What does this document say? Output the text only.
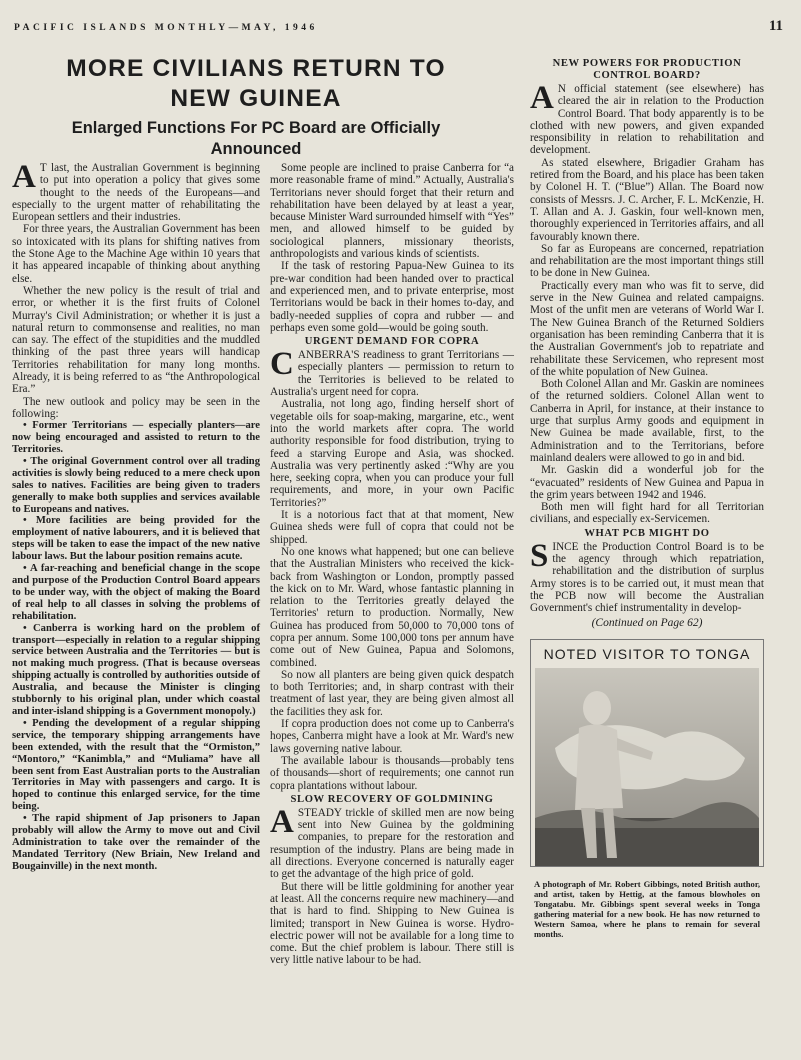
PACIFIC ISLANDS MONTHLY—MAY, 1946	11
MORE CIVILIANS RETURN TO
NEW GUINEA
Enlarged Functions For PC Board are Officially
Announced

A T last, the Australian Government is beginning to put into operation a policy that gives some thought to the needs of the Europeans—and especially to the urgent matter of rehabilitating the European settlers and their industries.

For three years, the Australian Government has been so intoxicated with its plans for shifting natives from the Stone Age to the Machine Age within 10 years that it has appeared incapable of thinking about anything else.

Whether the new policy is the result of trial and error, or whether it is the first fruits of Colonel Murray's Civil Administration; or whether it is just a natural return to commonsense and realities, no man can say. The effect of the stupidities and the muddled thinking of the past three years will handicap Territories rehabilitation for many long months. Already, it is being referred to as “the Anthropological Era.”

The new outlook and policy may be seen in the following:

• Former Territorians — especially planters—are now being encouraged and assisted to return to the Territories.

• The original Government control over all trading activities is slowly being reduced to a mere check upon sales to natives. Facilities are being given to traders generally to make both supplies and services available to Europeans and natives.

• More facilities are being provided for the employment of native labourers, and it is believed that steps will be taken to ease the impact of the new native labour laws. But the labour position remains acute.

• A far-reaching and beneficial change in the scope and purpose of the Production Control Board appears to be under way, with the object of making the Board of real help to all classes in solving the problems of rehabilitation.

• Canberra is working hard on the problem of transport—especially in relation to a regular shipping service between Australia and the Territories — but is not making much progress. (That is because overseas shipping actually is controlled by authorities outside of Australia, and because the Minister is clinging stubbornly to his original plan, under which coastal and inter-island shipping is a Government monopoly.)

• Pending the development of a regular shipping service, the temporary shipping arrangements have been extended, with the result that the “Ormiston,” “Montoro,” “Kanimbla,” and “Muliama” have all been sent from East Australian ports to the Australian Territories in May with passengers and cargo. It is hoped to continue this enlarged service, for the time being.

• The rapid shipment of Jap prisoners to Japan probably will allow the Army to move out and Civil Administration to take over the remainder of the Mandated Territory (New Briain, New Ireland and Bougainville) in the next month.

Some people are inclined to praise Canberra for “a more reasonable frame of mind.” Actually, Australia's Territorians never should forget that their return and rehabilitation have been delayed by at least a year, because Minister Ward surrounded himself with “Yes” men, and allowed himself to be guided by sociological planners, missionary theorists, anthropologists and various kinds of scientists.

If the task of restoring Papua-New Guinea to its pre-war condition had been handed over to practical and experienced men, and to private enterprise, most Territorians would be back in their homes to-day, and badly-needed supplies of copra and rubber — and perhaps even some gold—would be going south.

URGENT DEMAND FOR COPRA

CANBERRA'S readiness to grant Territorians — especially planters — permission to return to the Territories is believed to be related to Australia's urgent need for copra.

Australia, not long ago, finding herself short of vegetable oils for soap-making, margarine, etc., went into the world markets after copra. The world authority responsible for food distribution, trying to feed a starving Europe and Asia, was shocked. Australia was very pertinently asked :“Why are you here, seeking copra, when you can produce your full requirements, and more, in your own Pacific Territories?”

It is a notorious fact that at that moment, New Guinea sheds were full of copra that could not be shipped.

No one knows what happened; but one can believe that the Australian Ministers who received the kick-back from Washington or London, promptly passed the kick on to Mr. Ward, whose fantastic planning in relation to the Territories greatly delayed the Territories' return to production. Normally, New Guinea has produced from 50,000 to 70,000 tons of copra per annum. Some 100,000 tons per annum have come out of New Guinea, Papua and Solomons, combined.

So now all planters are being given quick despatch to both Territories; and, in sharp contrast with their treatment of last year, they are being given almost all the facilities they ask for.

If copra production does not come up to Canberra's hopes, Canberra might have a look at Mr. Ward's new laws governing native labour.

The available labour is thousands—probably tens of thousands—short of requirements; one cannot run copra plantations without labour.

SLOW RECOVERY OF GOLDMINING

ASTEADY trickle of skilled men are now being sent into New Guinea by the goldmining companies, to prepare for the restoration and resumption of the industry. Plans are being made in all directions. Everyone concerned is naturally eager to get the advantage of the high price of gold.

But there will be little goldmining for another year at least. All the concerns require new machinery—and that is hard to find. Shipping to New Guinea is limited; transport in New Guinea is worse. Hydro-electric power will not be available for a long time to come. But the chief problem is labour. There still is very little native labour to be had.

NEW POWERS FOR PRODUCTION
CONTROL BOARD?

A N official statement (see elsewhere) has cleared the air in relation to the Production Control Board. That body apparently is to be clothed with new powers, and given expanded responsibility in relation to rehabilitation and development.

As stated elsewhere, Brigadier Graham has retired from the Board, and his place has been taken by Colonel H. T. (“Blue”) Allan. The Board now consists of Messrs. J. C. Archer, F. L. McKenzie, H. T. Allan and A. J. Gaskin, four well-known men, thoroughly experienced in Territories affairs, and all favourably known there.

So far as Europeans are concerned, repatriation and rehabilitation are the most important things still to be done in New Guinea.

Practically every man who was fit to serve, did serve in the New Guinea and related campaigns. Most of the unfit men are veterans of World War I. The New Guinea Branch of the Returned Soldiers organisation has been reminding Canberra that it is the Australian Government's job to repatriate and rehabilitate these Servicemen, who represent most of the white population of New Guinea.

Both Colonel Allan and Mr. Gaskin are nominees of the returned soldiers. Colonel Allan went to Canberra in April, for instance, at their instance to urge that surplus Army goods and equipment in New Guinea be made available, first, to the Administration and to the Territorians, before mainland dealers were allowed to go in and bid.

Mr. Gaskin did a wonderful job for the “evacuated” residents of New Guinea and Papua in the grim years between 1942 and 1946.

Both men will fight hard for all Territorian civilians, and especially ex-Servicemen.

WHAT PCB MIGHT DO

SINCE the Production Control Board is to be the agency through which repatriation, rehabilitation and the distribution of surplus Army stores is to be carried out, it must mean that the PCB now will become the Australian Government's chief instrumentality in develop-

(Continued on Page 62)
NOTED VISITOR TO TONGA
A photograph of Mr. Robert Gibbings, noted British author, and artist, taken by Hettig, at the famous blowholes on Tongatabu. Mr. Gibbings spent several weeks in Tonga gathering material for a new book. He has now returned to Western Samoa, where he plans to remain for several months.
